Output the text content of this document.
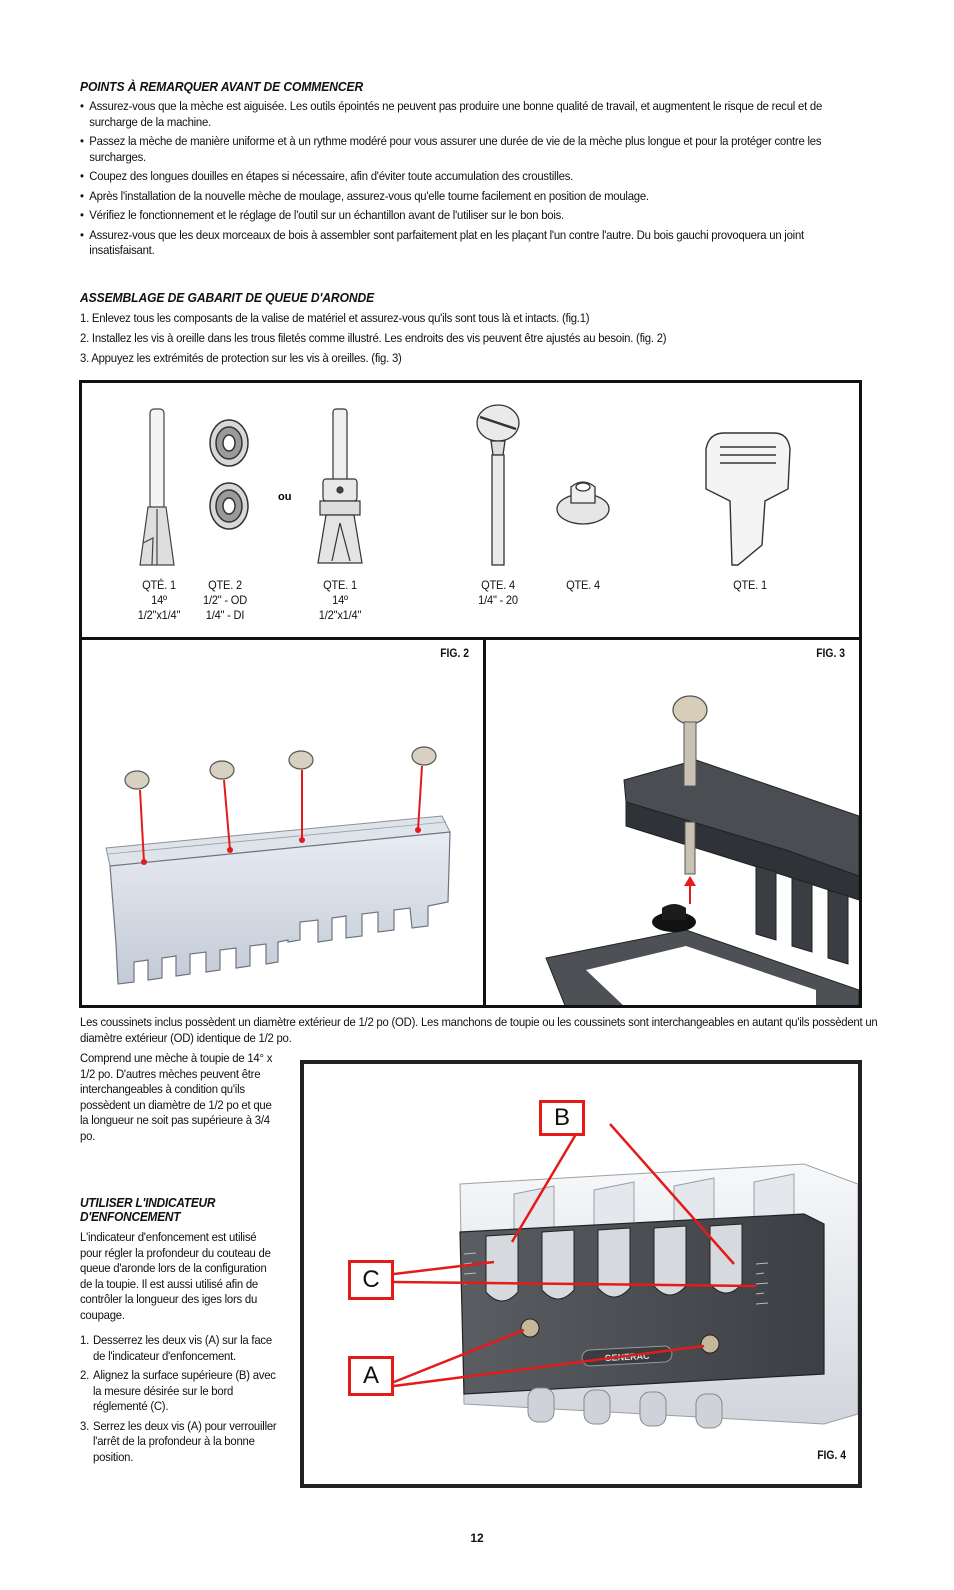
POINTS À REMARQUER AVANT DE COMMENCER
• Assurez-vous que la mèche est aiguisée. Les outils épointés ne peuvent pas produire une bonne qualité de travail, et augmentent le risque de recul et de surcharge de la machine.
• Passez la mèche de manière uniforme et à un rythme modéré pour vous assurer une durée de vie de la mèche plus longue et pour la protéger contre les surcharges.
• Coupez des longues douilles en étapes si nécessaire, afin d'éviter toute accumulation des croustilles.
• Après l'installation de la nouvelle mèche de moulage, assurez-vous qu'elle tourne facilement en position de moulage.
• Vérifiez le fonctionnement et le réglage de l'outil sur un échantillon avant de l'utiliser sur le bon bois.
• Assurez-vous que les deux morceaux de bois à assembler sont parfaitement plat en les plaçant l'un contre l'autre. Du bois gauchi provoquera un joint insatisfaisant.
ASSEMBLAGE DE GABARIT DE QUEUE D'ARONDE
1. Enlevez tous les composants de la valise de matériel et assurez-vous qu'ils sont tous là et intacts. (fig.1)
2. Installez les vis à oreille dans les trous filetés comme illustré. Les endroits des vis peuvent être ajustés au besoin. (fig. 2)
3. Appuyez les extrémités de protection sur les vis à oreilles. (fig. 3)
ou
QTÉ. 1
14º
1/2"x1/4"
QTE. 2
1/2" - OD
1/4" - DI
QTE. 1
14º
1/2"x1/4"
QTE. 4
1/4" - 20
QTE. 4	QTE. 1
FIG. 2	FIG. 3
Les coussinets inclus possèdent un diamètre extérieur de 1/2 po (OD). Les manchons de toupie ou les coussinets sont interchangeables en autant qu'ils possèdent un diamètre extérieur (OD) identique de 1/2 po.
Comprend une mèche à toupie de 14° x 1/2 po. D'autres mèches peuvent être interchangeables à condition qu'ils possèdent un diamètre de 1/2 po et que la longueur ne soit pas supérieure à 3/4 po.
UTILISER L'INDICATEUR
D'ENFONCEMENT
L'indicateur d'enfoncement est utilisé pour régler la profondeur du couteau de queue d'aronde lors de la configuration de la toupie. Il est aussi utilisé afin de contrôler la longueur des iges lors du coupage.
1. Desserrez les deux vis (A) sur la face de l'indicateur d'enfoncement.
2. Alignez la surface supérieure (B) avec la mesure désirée sur le bord réglementé (C).
3. Serrez les deux vis (A) pour verrouiller l'arrêt de la profondeur à la bonne position.
GENERAC
B
C
A
FIG. 4
12
